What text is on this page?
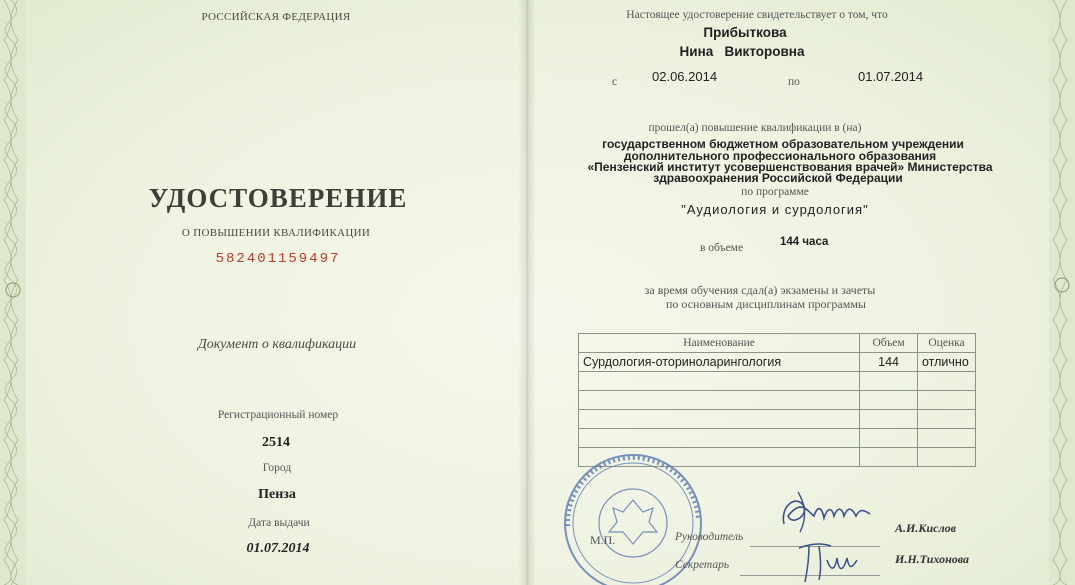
РОССИЙСКАЯ ФЕДЕРАЦИЯ
УДОСТОВЕРЕНИЕ
О ПОВЫШЕНИИ КВАЛИФИКАЦИИ
582401159497
Документ о квалификации
Регистрационный номер
2514
Город
Пенза
Дата выдачи
01.07.2014
Настоящее удостоверение свидетельствует о том, что
Прибыткова
Нина   Викторовна
с	02.06.2014	по	01.07.2014
прошел(а) повышение квалификации в (на)
государственном бюджетном образовательном учреждении
дополнительного профессионального образования
«Пензенский институт усовершенствования врачей» Министерства
здравоохранения Российской Федерации
по программе
"Аудиология и сурдология"
в объеме	144 часа
за время обучения сдал(а) экзамены и зачеты
по основным дисциплинам программы
Наименование	Объем	Оценка
Сурдология-оториноларингология	144	отлично

М.П.	Руководитель
Секретарь
А.И.Кислов
И.Н.Тихонова
